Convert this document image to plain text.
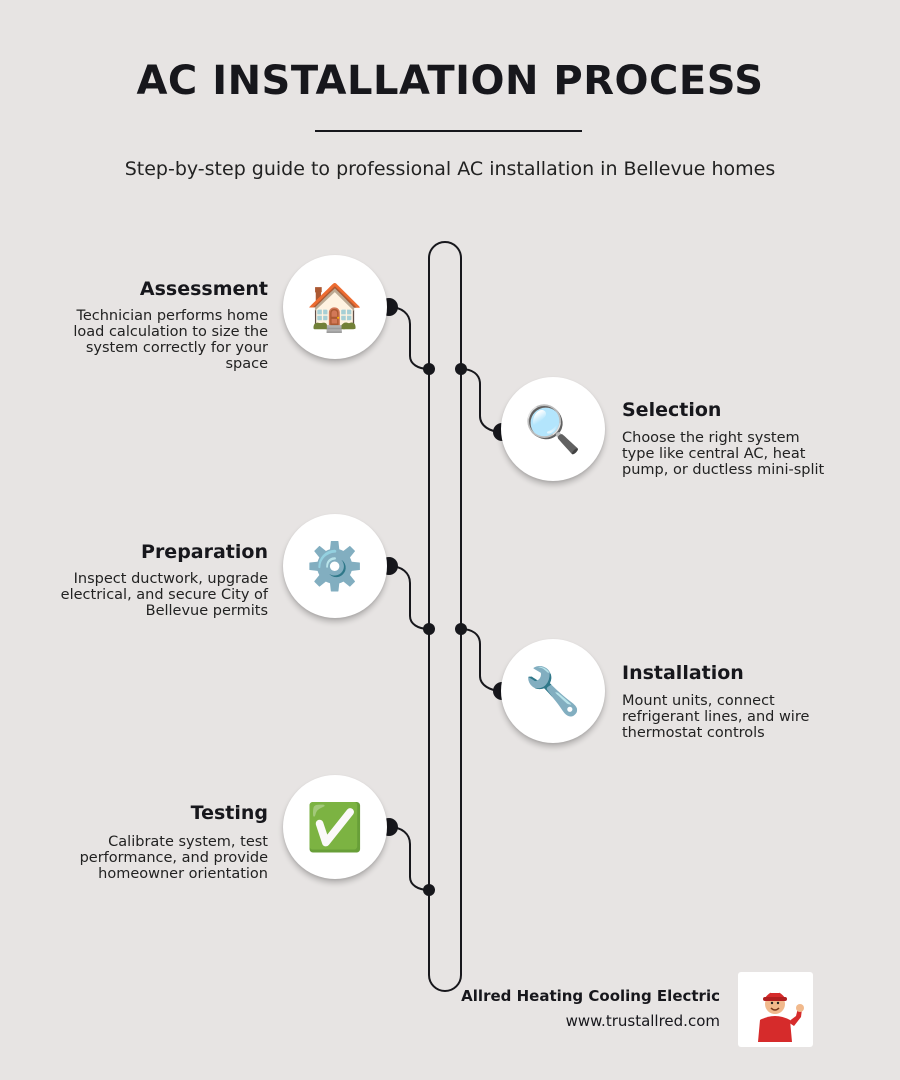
AC INSTALLATION PROCESS
Step-by-step guide to professional AC installation in Bellevue homes
🏠
Assessment
Technician performs home load calculation to size the system correctly for your space
🔍 Selection
Choose the right system type like central AC, heat pump, or ductless mini-split
⚙️
Preparation
Inspect ductwork, upgrade electrical, and secure City of Bellevue permits
🔧 Installation
Mount units, connect refrigerant lines, and wire thermostat controls
✅
Testing
Calibrate system, test performance, and provide homeowner orientation
Allred Heating Cooling Electric
www.trustallred.com
